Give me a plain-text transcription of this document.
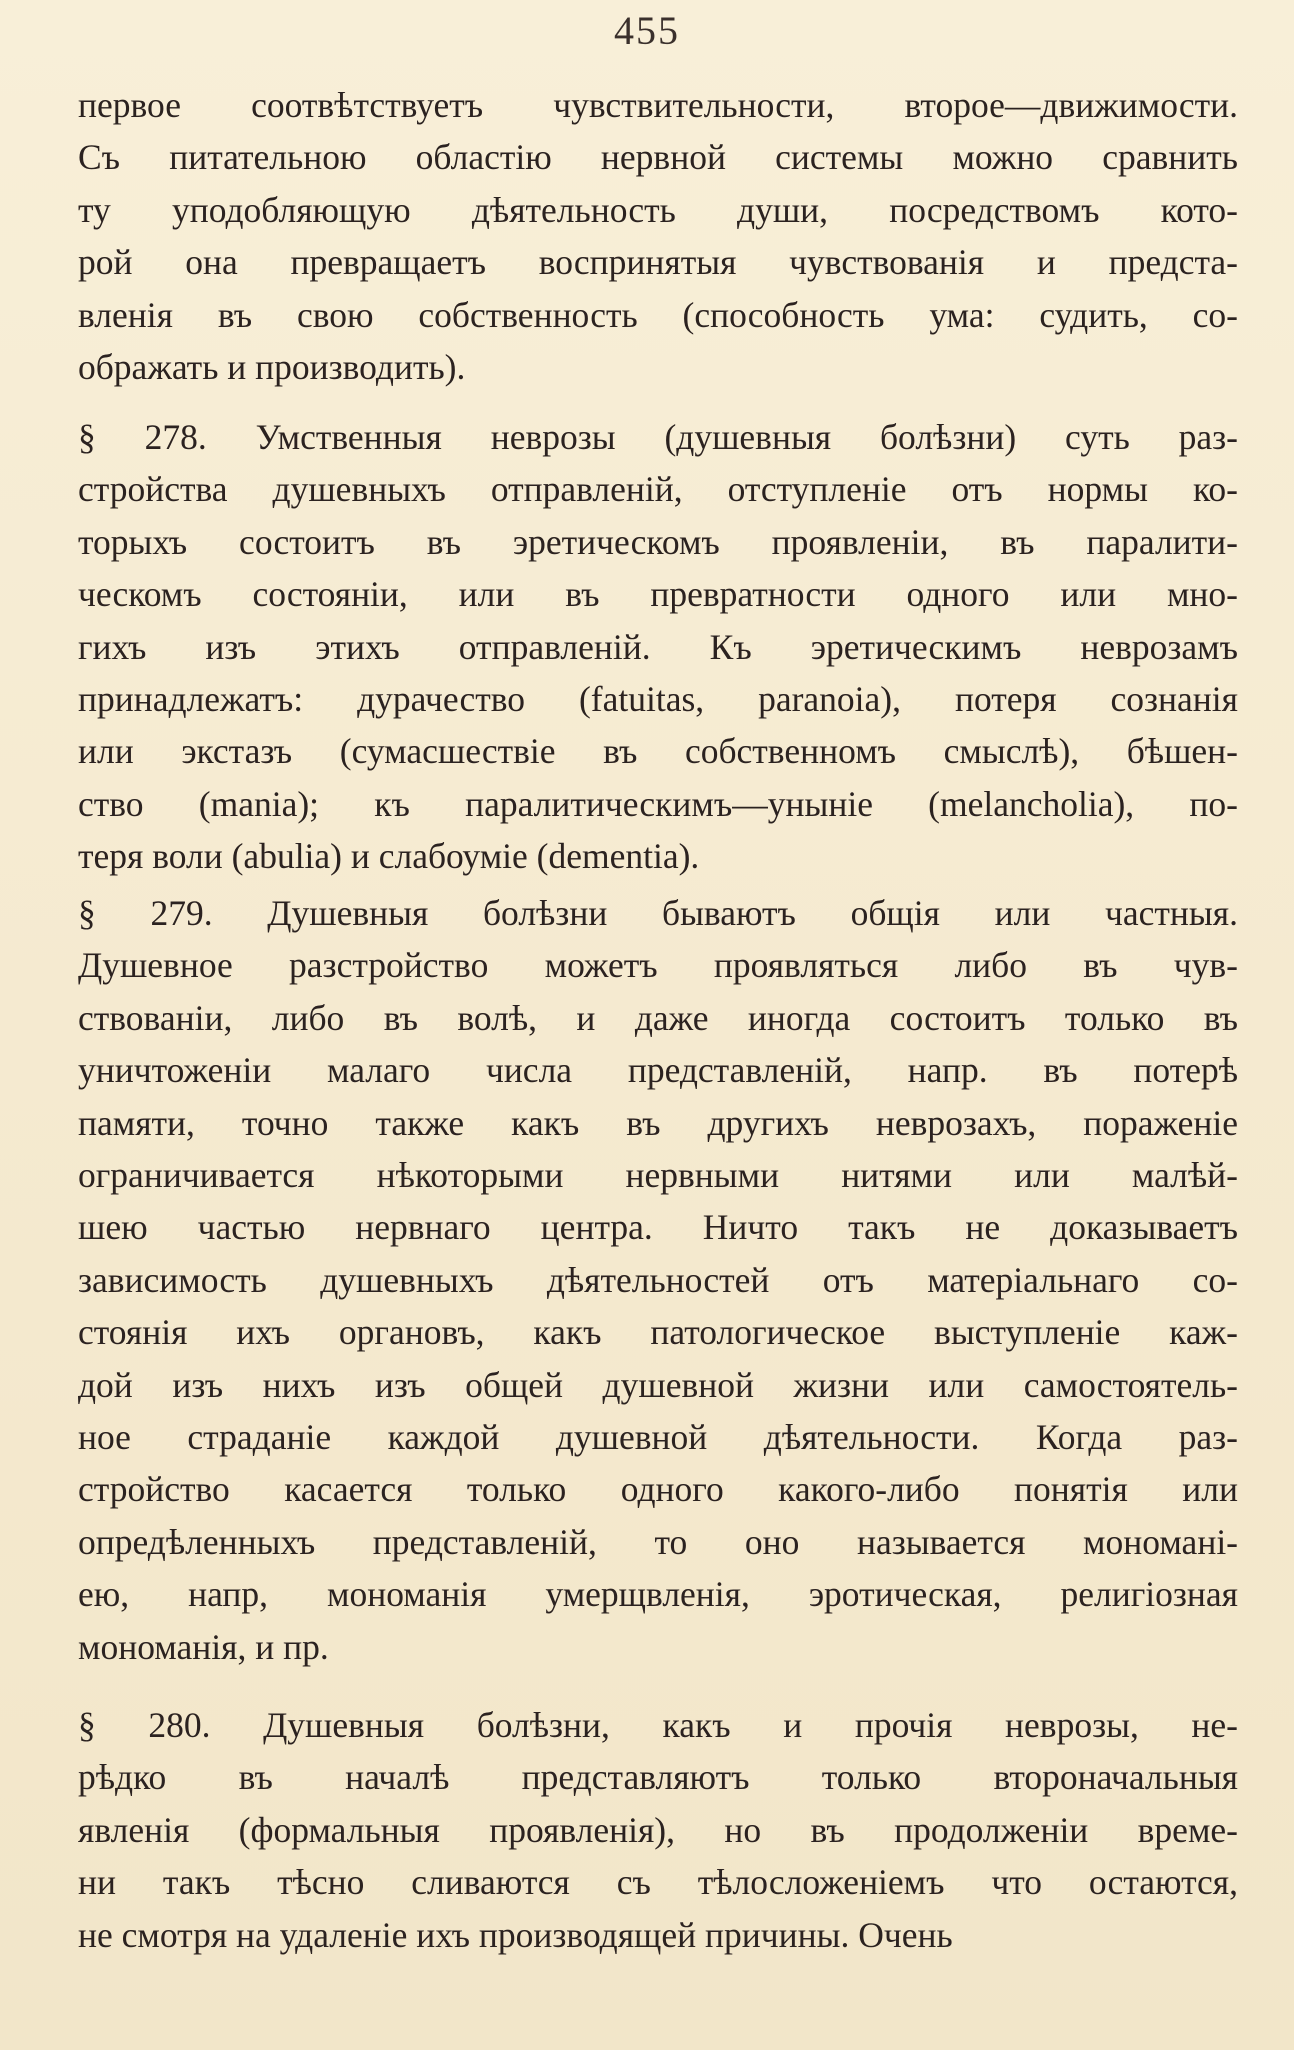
455
первое соотвѣтствуетъ чувствительности, второе—движимости.
Съ питательною областію нервной системы можно сравнить
ту уподобляющую дѣятельность души, посредствомъ кото-
рой она превращаетъ воспринятыя чувствованія и предста-
вленія въ свою собственность (способность ума: судить, со-
ображать и производить).
§ 278. Умственныя неврозы (душевныя болѣзни) суть раз-
стройства душевныхъ отправленій, отступленіе отъ нормы ко-
торыхъ состоитъ въ эретическомъ проявленіи, въ паралити-
ческомъ состояніи, или въ превратности одного или мно-
гихъ изъ этихъ отправленій. Къ эретическимъ неврозамъ
принадлежатъ: дурачество (fatuitas, paranoia), потеря сознанія
или экстазъ (сумасшествіе въ собственномъ смыслѣ), бѣшен-
ство (mania); къ паралитическимъ—уныніе (melancholia), по-
теря воли (abulia) и слабоуміе (dementia).
§ 279. Душевныя болѣзни бываютъ общія или частныя.
Душевное разстройство можетъ проявляться либо въ чув-
ствованіи, либо въ волѣ, и даже иногда состоитъ только въ
уничтоженіи малаго числа представленій, напр. въ потерѣ
памяти, точно также какъ въ другихъ неврозахъ, пораженіе
ограничивается нѣкоторыми нервными нитями или малѣй-
шею частью нервнаго центра. Ничто такъ не доказываетъ
зависимость душевныхъ дѣятельностей отъ матеріальнаго со-
стоянія ихъ органовъ, какъ патологическое выступленіе каж-
дой изъ нихъ изъ общей душевной жизни или самостоятель-
ное страданіе каждой душевной дѣятельности. Когда раз-
стройство касается только одного какого-либо понятія или
опредѣленныхъ представленій, то оно называется мономані-
ею, напр, мономанія умерщвленія, эротическая, религіозная
мономанія, и пр.
§ 280. Душевныя болѣзни, какъ и прочія неврозы, не-
рѣдко въ началѣ представляютъ только второначальныя
явленія (формальныя проявленія), но въ продолженіи време-
ни такъ тѣсно сливаются съ тѣлосложеніемъ что остаются,
не смотря на удаленіе ихъ производящей причины. Очень
